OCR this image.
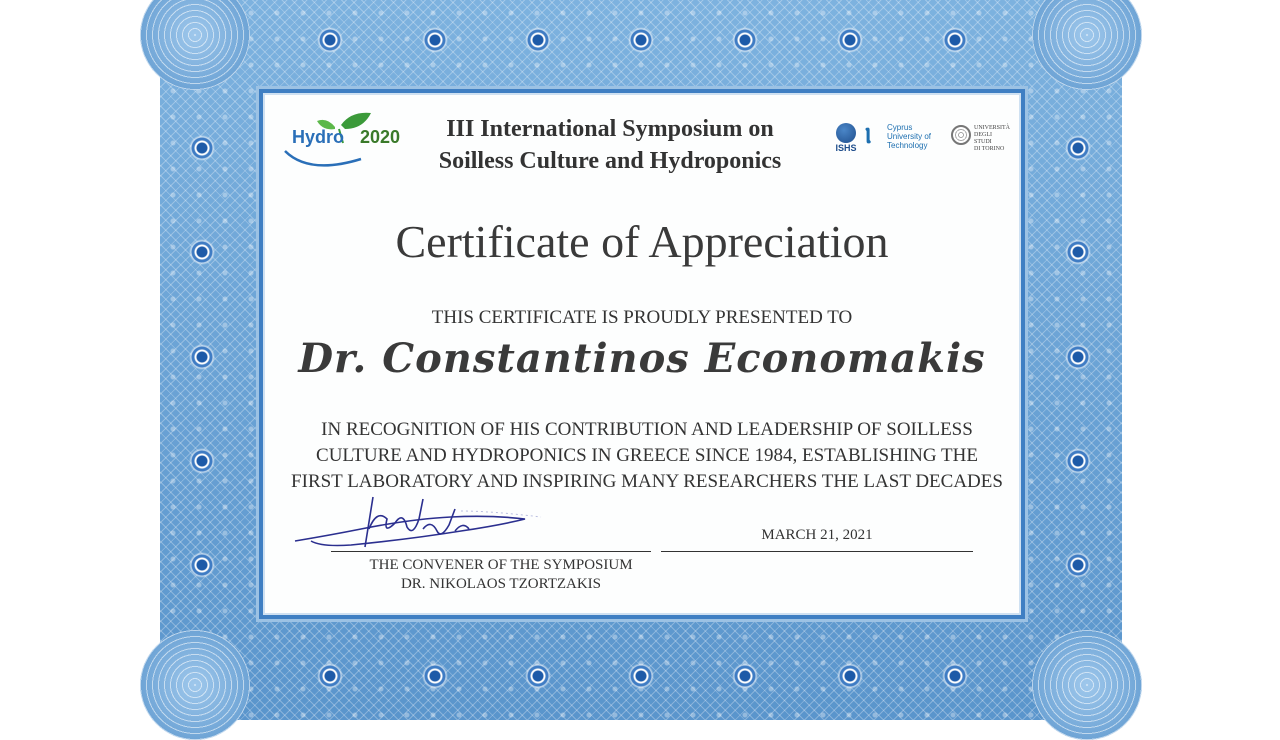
Hydro 2020	III International Symposium on
Soilless Culture and Hydroponics	ISHS Ⲓ Cyprus
University of
Technology
UNIVERSITÀ
DEGLI STUDI
DI TORINO
Certificate of Appreciation
THIS CERTIFICATE IS PROUDLY PRESENTED TO
Dr. Constantinos Economakis
IN RECOGNITION OF HIS CONTRIBUTION AND LEADERSHIP OF SOILLESS
CULTURE AND HYDROPONICS IN GREECE SINCE 1984, ESTABLISHING THE
FIRST LABORATORY AND INSPIRING MANY RESEARCHERS THE LAST DECADES
THE CONVENER OF THE SYMPOSIUM
DR. NIKOLAOS TZORTZAKIS
MARCH 21, 2021
